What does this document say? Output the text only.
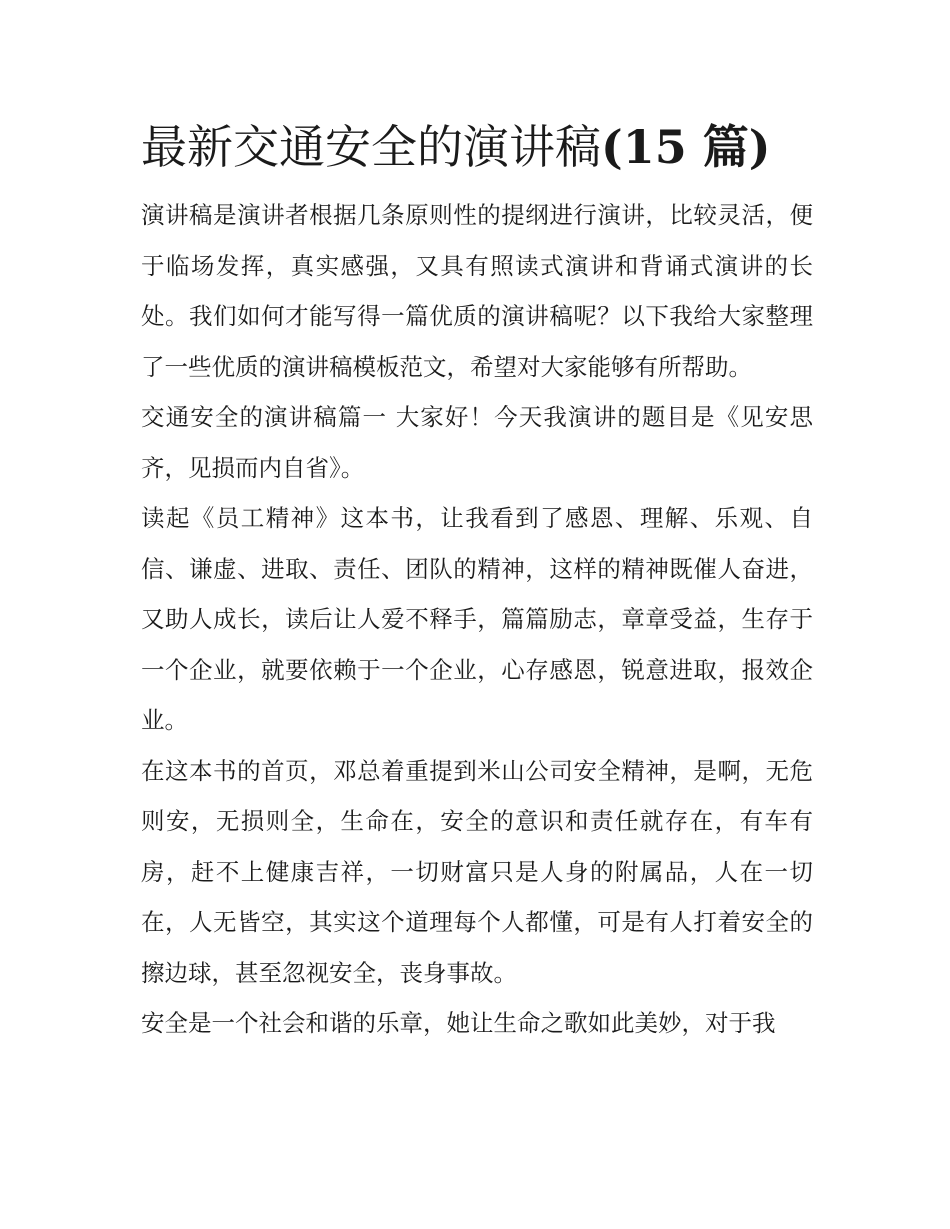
最新交通安全的演讲稿(15 篇)

演讲稿是演讲者根据几条原则性的提纲进行演讲，比较灵活，便于临场发挥，真实感强，又具有照读式演讲和背诵式演讲的长处。我们如何才能写得一篇优质的演讲稿呢？以下我给大家整理了一些优质的演讲稿模板范文，希望对大家能够有所帮助。

交通安全的演讲稿篇一 大家好！今天我演讲的题目是《见安思齐，见损而内自省》。

读起《员工精神》这本书，让我看到了感恩、理解、乐观、自信、谦虚、进取、责任、团队的精神，这样的精神既催人奋进，又助人成长，读后让人爱不释手，篇篇励志，章章受益，生存于一个企业，就要依赖于一个企业，心存感恩，锐意进取，报效企业。

在这本书的首页，邓总着重提到米山公司安全精神，是啊，无危则安，无损则全，生命在，安全的意识和责任就存在，有车有房，赶不上健康吉祥，一切财富只是人身的附属品，人在一切在，人无皆空，其实这个道理每个人都懂，可是有人打着安全的擦边球，甚至忽视安全，丧身事故。

安全是一个社会和谐的乐章，她让生命之歌如此美妙，对于我
